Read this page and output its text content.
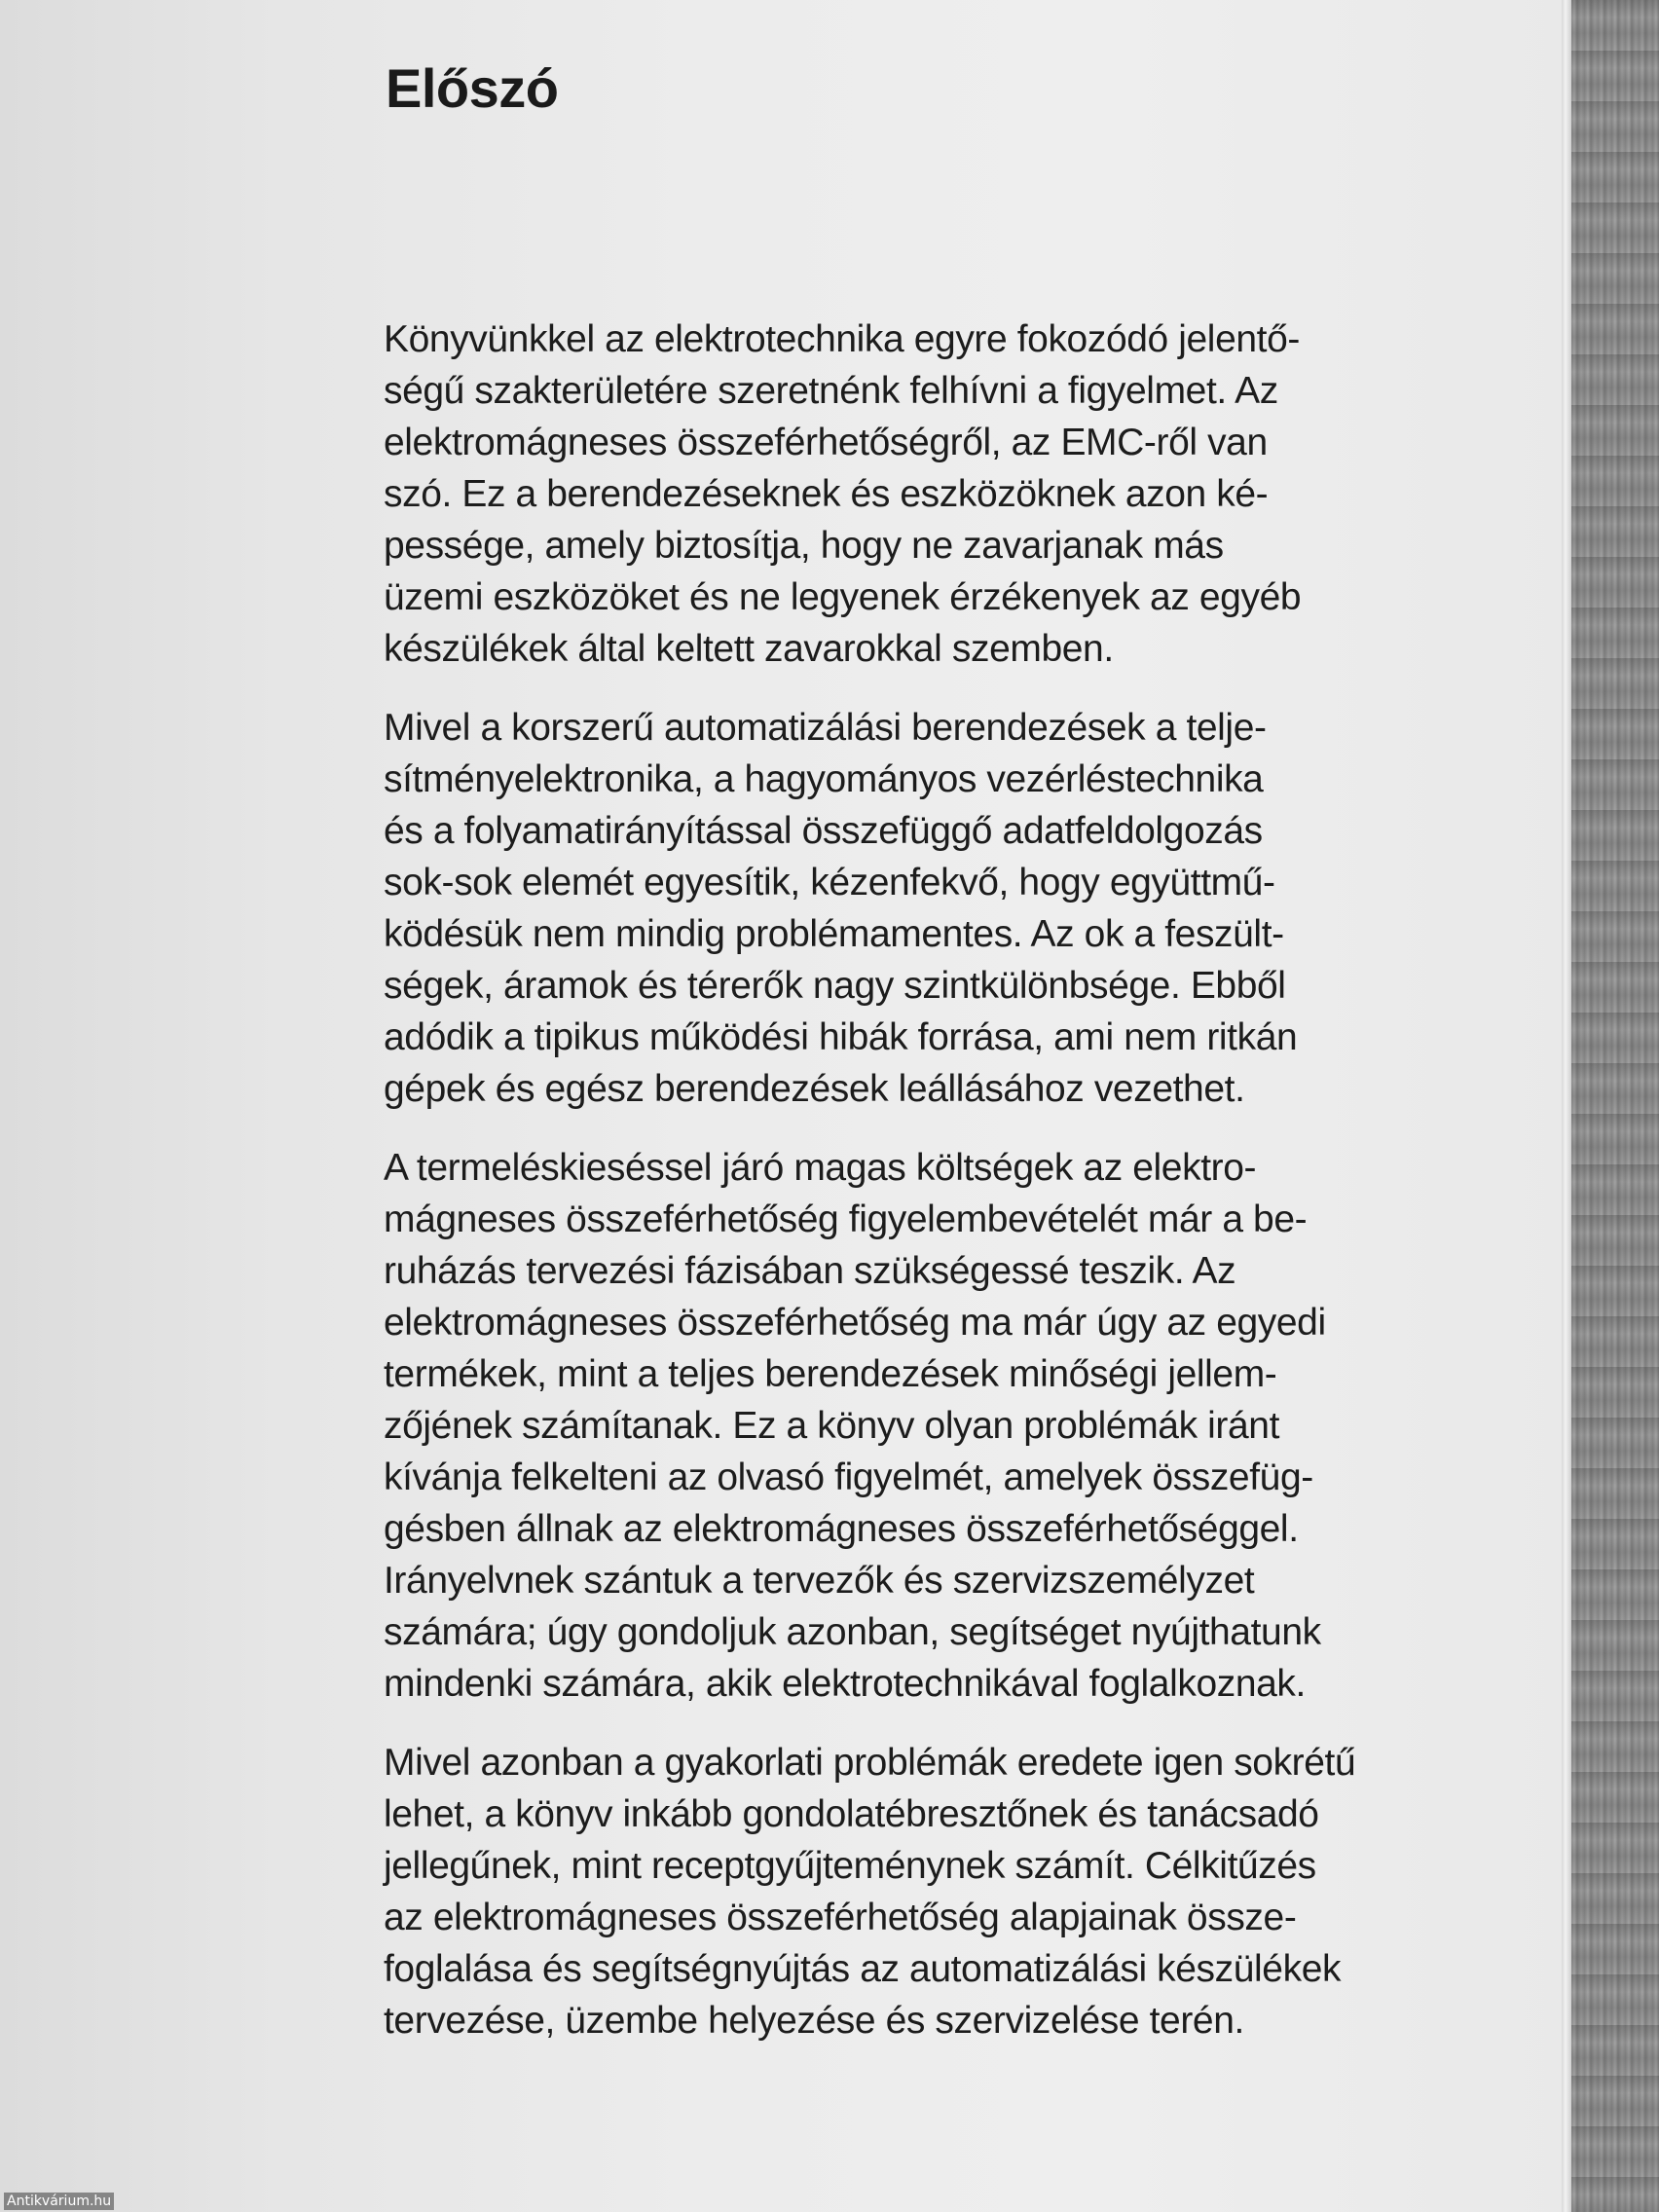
Előszó

Könyvünkkel az elektrotechnika egyre fokozódó jelentő-
ségű szakterületére szeretnénk felhívni a figyelmet. Az
elektromágneses összeférhetőségről, az EMC-ről van
szó. Ez a berendezéseknek és eszközöknek azon ké-
pessége, amely biztosítja, hogy ne zavarjanak más
üzemi eszközöket és ne legyenek érzékenyek az egyéb
készülékek által keltett zavarokkal szemben.

Mivel a korszerű automatizálási berendezések a telje-
sítményelektronika, a hagyományos vezérléstechnika
és a folyamatirányítással összefüggő adatfeldolgozás
sok-sok elemét egyesítik, kézenfekvő, hogy együttmű-
ködésük nem mindig problémamentes. Az ok a feszült-
ségek, áramok és térerők nagy szintkülönbsége. Ebből
adódik a tipikus működési hibák forrása, ami nem ritkán
gépek és egész berendezések leállásához vezethet.

A termeléskieséssel járó magas költségek az elektro-
mágneses összeférhetőség figyelembevételét már a be-
ruházás tervezési fázisában szükségessé teszik. Az
elektromágneses összeférhetőség ma már úgy az egyedi
termékek, mint a teljes berendezések minőségi jellem-
zőjének számítanak. Ez a könyv olyan problémák iránt
kívánja felkelteni az olvasó figyelmét, amelyek összefüg-
gésben állnak az elektromágneses összeférhetőséggel.
Irányelvnek szántuk a tervezők és szervizszemélyzet
számára; úgy gondoljuk azonban, segítséget nyújthatunk
mindenki számára, akik elektrotechnikával foglalkoznak.

Mivel azonban a gyakorlati problémák eredete igen sokrétű
lehet, a könyv inkább gondolatébresztőnek és tanácsadó
jellegűnek, mint receptgyűjteménynek számít. Célkitűzés
az elektromágneses összeférhetőség alapjainak össze-
foglalása és segítségnyújtás az automatizálási készülékek
tervezése, üzembe helyezése és szervizelése terén.

Antikvárium.hu
